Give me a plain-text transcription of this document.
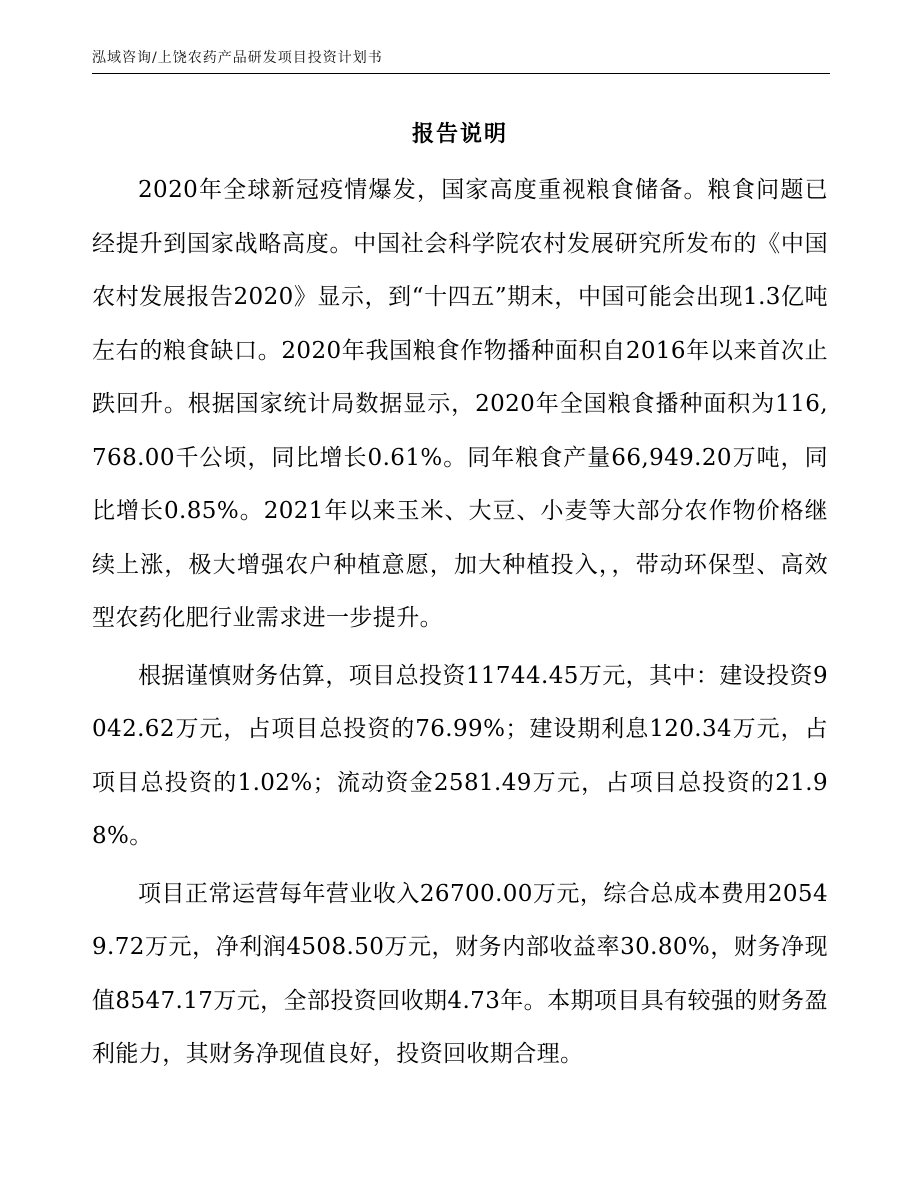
泓域咨询/上饶农药产品研发项目投资计划书
报告说明

2020年全球新冠疫情爆发，国家高度重视粮食储备。粮食问题已经提升到国家战略高度。中国社会科学院农村发展研究所发布的《中国农村发展报告2020》显示，到“十四五”期末，中国可能会出现1.3亿吨左右的粮食缺口。2020年我国粮食作物播种面积自2016年以来首次止跌回升。根据国家统计局数据显示，2020年全国粮食播种面积为116,768.00千公顷，同比增长0.61%。同年粮食产量66,949.20万吨，同比增长0.85%。2021年以来玉米、大豆、小麦等大部分农作物价格继续上涨，极大增强农户种植意愿，加大种植投入，，带动环保型、高效型农药化肥行业需求进一步提升。

根据谨慎财务估算，项目总投资11744.45万元，其中：建设投资9042.62万元，占项目总投资的76.99%；建设期利息120.34万元，占项目总投资的1.02%；流动资金2581.49万元，占项目总投资的21.98%。

项目正常运营每年营业收入26700.00万元，综合总成本费用20549.72万元，净利润4508.50万元，财务内部收益率30.80%，财务净现值8547.17万元，全部投资回收期4.73年。本期项目具有较强的财务盈利能力，其财务净现值良好，投资回收期合理。
